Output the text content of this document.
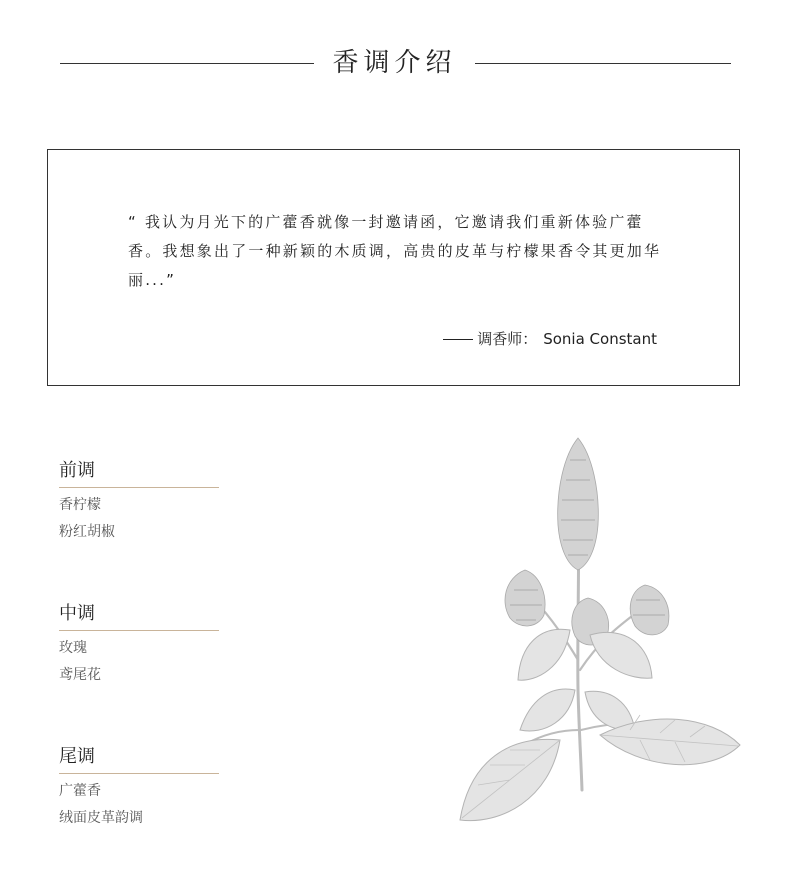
香调介绍
“ 我认为月光下的广藿香就像一封邀请函，它邀请我们重新体验广藿香。我想象出了一种新颖的木质调，高贵的皮革与柠檬果香令其更加华丽...”
调香师： Sonia Constant
前调
香柠檬
粉红胡椒
中调
玫瑰
鸢尾花
尾调
广藿香
绒面皮革韵调
